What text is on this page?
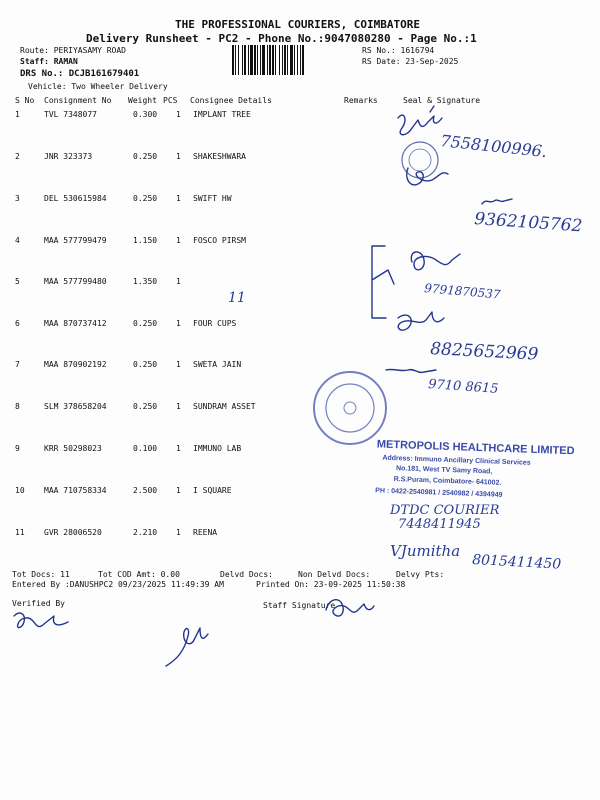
THE PROFESSIONAL COURIERS, COIMBATORE
Delivery Runsheet - PC2 - Phone No.:9047080280 - Page No.:1
Route: PERIYASAMY ROAD
Staff: RAMAN
DRS No.: DCJB161679401
Vehicle: Two Wheeler Delivery
RS No.: 1616794
RS Date: 23-Sep-2025
S No Consignment No Weight PCS Consignee Details	Remarks	Seal & Signature
1	TVL 7348077	0.300 1 IMPLANT TREE
2	JNR 323373	0.250 1 SHAKESHWARA
3	DEL 530615984	0.250 1 SWIFT HW
4	MAA 577799479	1.150 1 FOSCO PIRSM
5	MAA 577799480	1.350 1
6	MAA 870737412	0.250 1 FOUR CUPS
7	MAA 870902192	0.250 1 SWETA JAIN
8	SLM 378658204	0.250 1 SUNDRAM ASSET
9	KRR 50298023	0.100 1 IMMUNO LAB
10 MAA 710758334	2.500 1 I SQUARE
11 GVR 28006520	2.210 1 REENA
Tot Docs: 11	Tot COD Amt: 0.00	Delvd Docs:	Non Delvd Docs:	Delvy Pts:
Entered By :DANUSHPC2 09/23/2025 11:49:39 AM	Printed On: 23-09-2025 11:50:38
Verified By	Staff Signature
7558100996.
9362105762
9791870537
11
8825652969
9710 8615
METROPOLIS HEALTHCARE LIMITED
Address: Immuno Ancillary Clinical Services
No.181, West TV Samy Road,
R.S.Puram, Coimbatore- 641002.
PH : 0422-2540981 / 2540982 / 4394949
DTDC COURIER
7448411945
VJumitha
8015411450
